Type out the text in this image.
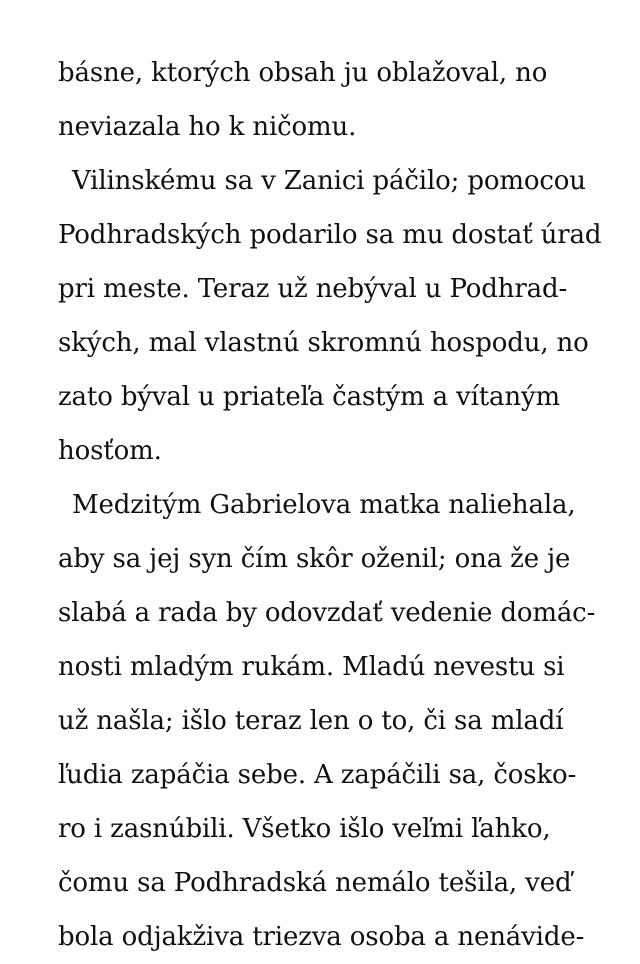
básne, ktorých obsah ju oblažoval, no
neviazala ho k ničomu.
Vilinskému sa v Zanici páčilo; pomocou
Podhradských podarilo sa mu dostať úrad
pri meste. Teraz už nebýval u Podhrad-
ských, mal vlastnú skromnú hospodu, no
zato býval u priateľa častým a vítaným
hosťom.
Medzitým Gabrielova matka naliehala,
aby sa jej syn čím skôr oženil; ona že je
slabá a rada by odovzdať vedenie domác-
nosti mladým rukám. Mladú nevestu si
už našla; išlo teraz len o to, či sa mladí
ľudia zapáčia sebe. A zapáčili sa, čosko-
ro i zasnúbili. Všetko išlo veľmi ľahko,
čomu sa Podhradská nemálo tešila, veď
bola odjakživa triezva osoba a nenávide-
